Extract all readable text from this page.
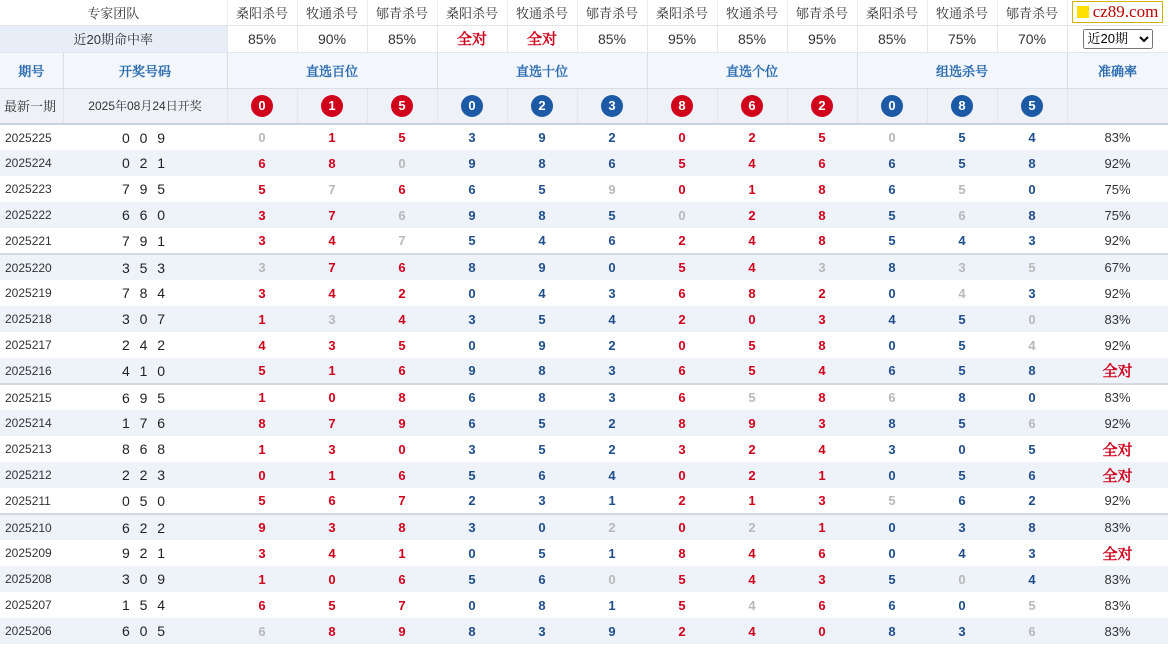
专家团队		桑阳杀号	牧通杀号	郇青杀号	桑阳杀号	牧通杀号	郇青杀号	桑阳杀号	牧通杀号	郇青杀号	桑阳杀号	牧通杀号	郇青杀号	cz89.com

近20期命中率		85%	90%	85%	全对	全对	85%	95%	85%	95%	85%	75%	70%	
近20期
期号	开奖号码	直选百位			直选十位			直选个位			组选杀号			准确率
最新一期	2025年08月24日开奖	0	1	5	0	2	3	8	6	2	0	8	5	
2025225	0 0 9	0	1	5	3	9	2	0	2	5	0	5	4	83%
2025224	0 2 1	6	8	0	9	8	6	5	4	6	6	5	8	92%
2025223	7 9 5	5	7	6	6	5	9	0	1	8	6	5	0	75%
2025222	6 6 0	3	7	6	9	8	5	0	2	8	5	6	8	75%
2025221	7 9 1	3	4	7	5	4	6	2	4	8	5	4	3	92%
2025220	3 5 3	3	7	6	8	9	0	5	4	3	8	3	5	67%
2025219	7 8 4	3	4	2	0	4	3	6	8	2	0	4	3	92%
2025218	3 0 7	1	3	4	3	5	4	2	0	3	4	5	0	83%
2025217	2 4 2	4	3	5	0	9	2	0	5	8	0	5	4	92%
2025216	4 1 0	5	1	6	9	8	3	6	5	4	6	5	8	全对
2025215	6 9 5	1	0	8	6	8	3	6	5	8	6	8	0	83%
2025214	1 7 6	8	7	9	6	5	2	8	9	3	8	5	6	92%
2025213	8 6 8	1	3	0	3	5	2	3	2	4	3	0	5	全对
2025212	2 2 3	0	1	6	5	6	4	0	2	1	0	5	6	全对
2025211	0 5 0	5	6	7	2	3	1	2	1	3	5	6	2	92%
2025210	6 2 2	9	3	8	3	0	2	0	2	1	0	3	8	83%
2025209	9 2 1	3	4	1	0	5	1	8	4	6	0	4	3	全对
2025208	3 0 9	1	0	6	5	6	0	5	4	3	5	0	4	83%
2025207	1 5 4	6	5	7	0	8	1	5	4	6	6	0	5	83%
2025206	6 0 5	6	8	9	8	3	9	2	4	0	8	3	6	83%
